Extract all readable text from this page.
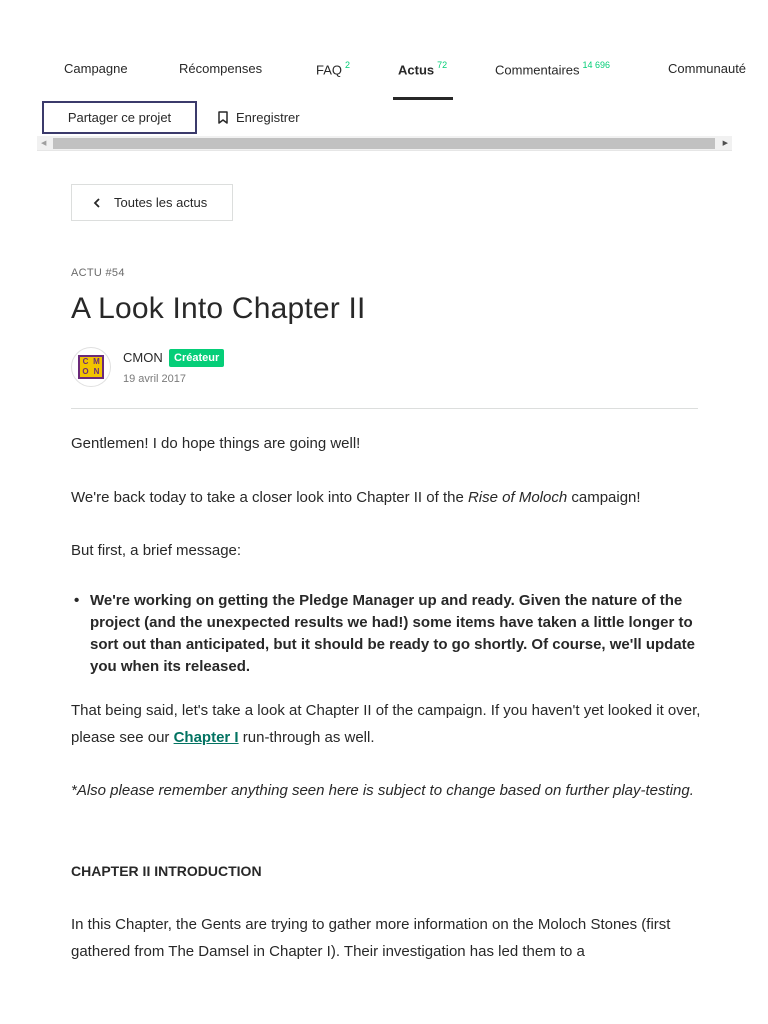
Campagne	Récompenses	FAQ $^2$	Actus $^{72}$	Commentaires $^{14 696}$	Communauté
Partager ce projet	Enregistrer
◀	▶
Toutes les actus
ACTU #54
A Look Into Chapter II
C M
O N
CMON	Créateur
19 avril 2017

Gentlemen! I do hope things are going well!

We're back today to take a closer look into Chapter II of the Rise of Moloch campaign!

But first, a brief message:

• We're working on getting the Pledge Manager up and ready. Given the nature of the project (and the unexpected results we had!) some items have taken a little longer to sort out than anticipated, but it should be ready to go shortly. Of course, we'll update you when its released.

That being said, let's take a look at Chapter II of the campaign. If you haven't yet looked it over, please see our Chapter I run-through as well.

*Also please remember anything seen here is subject to change based on further play-testing.

CHAPTER II INTRODUCTION

In this Chapter, the Gents are trying to gather more information on the Moloch Stones (first gathered from The Damsel in Chapter I). Their investigation has led them to a
